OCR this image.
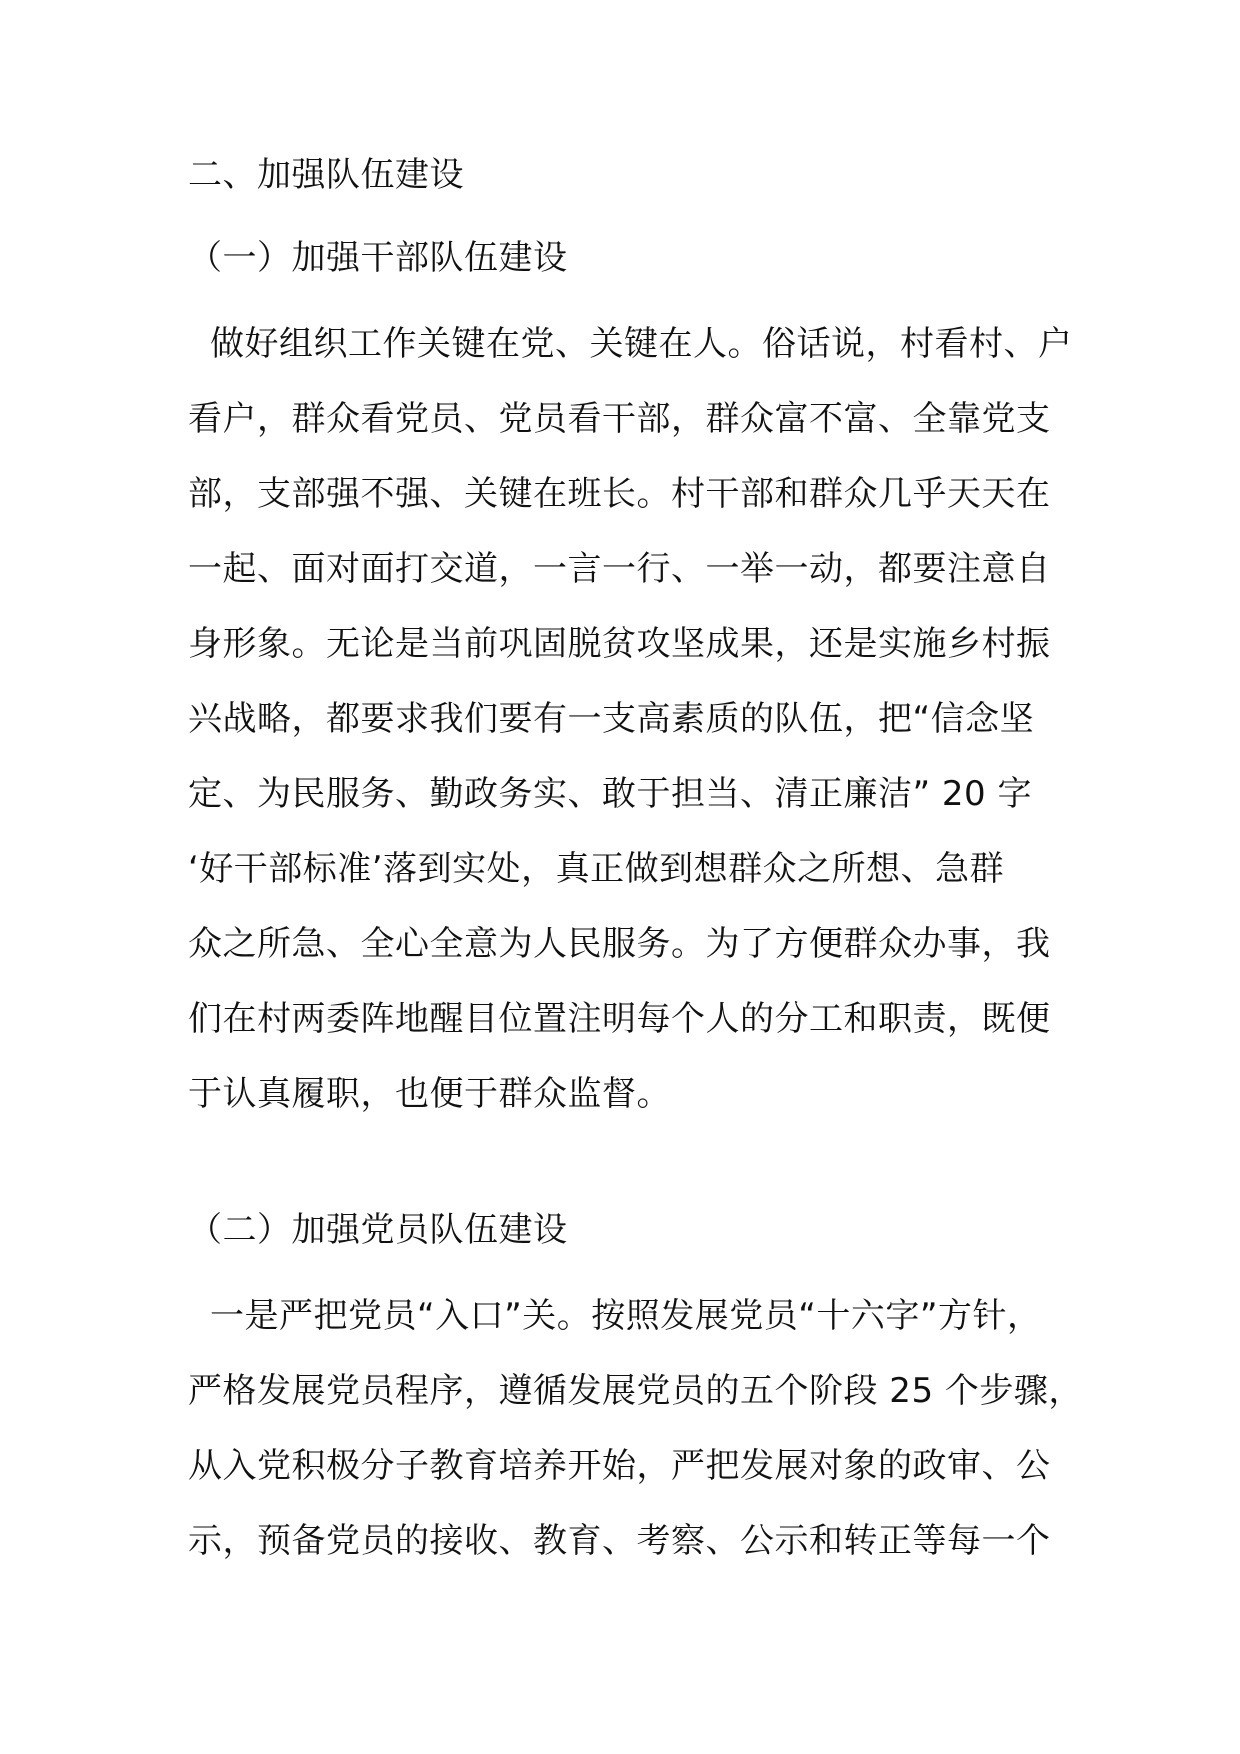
二、加强队伍建设
（一）加强干部队伍建设
做好组织工作关键在党、关键在人。俗话说，村看村、户
看户，群众看党员、党员看干部，群众富不富、全靠党支
部，支部强不强、关键在班长。村干部和群众几乎天天在
一起、面对面打交道，一言一行、一举一动，都要注意自
身形象。无论是当前巩固脱贫攻坚成果，还是实施乡村振
兴战略，都要求我们要有一支高素质的队伍，把“信念坚
定、为民服务、勤政务实、敢于担当、清正廉洁” 20 字
‘好干部标准’落到实处，真正做到想群众之所想、急群
众之所急、全心全意为人民服务。为了方便群众办事，我
们在村两委阵地醒目位置注明每个人的分工和职责，既便
于认真履职，也便于群众监督。
（二）加强党员队伍建设
一是严把党员“入口”关。按照发展党员“十六字”方针，
严格发展党员程序，遵循发展党员的五个阶段 25 个步骤，
从入党积极分子教育培养开始，严把发展对象的政审、公
示，预备党员的接收、教育、考察、公示和转正等每一个
